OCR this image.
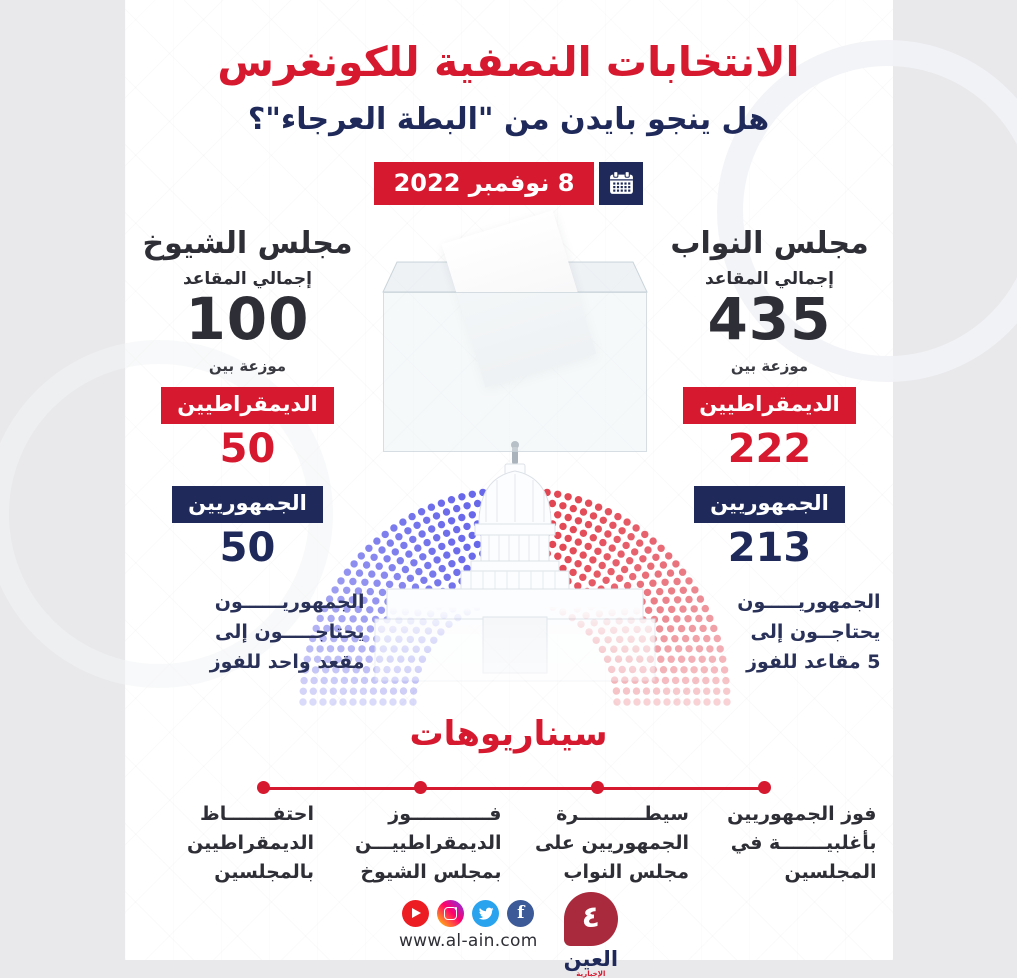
الانتخابات النصفية للكونغرس
هل ينجو بايدن من "البطة العرجاء"؟
8 نوفمبر 2022
مجلس النواب
إجمالي المقاعد
435
موزعة بين
الديمقراطيين
222
الجمهوريين
213
الجمهوريـــــون
يحتاجــون إلى
5 مقاعد للفوز
مجلس الشيوخ
إجمالي المقاعد
100
موزعة بين
الديمقراطيين
50
الجمهوريين
50
الجمهوريــــــون
يحتاجـــــون إلى
مقعد واحد للفوز
سيناريوهات
فوز الجمهوريين
بأغلبيـــــــة في
المجلسين
سيطــــــــــرة
الجمهوريين على
مجلس النواب
فــــــــــــوز
الديمقراطييـــن
بمجلس الشيوخ
احتفـــــــاظ
الديمقراطيين
بالمجلسين
f
www.al-ain.com
٤
العين
الإخبارية
